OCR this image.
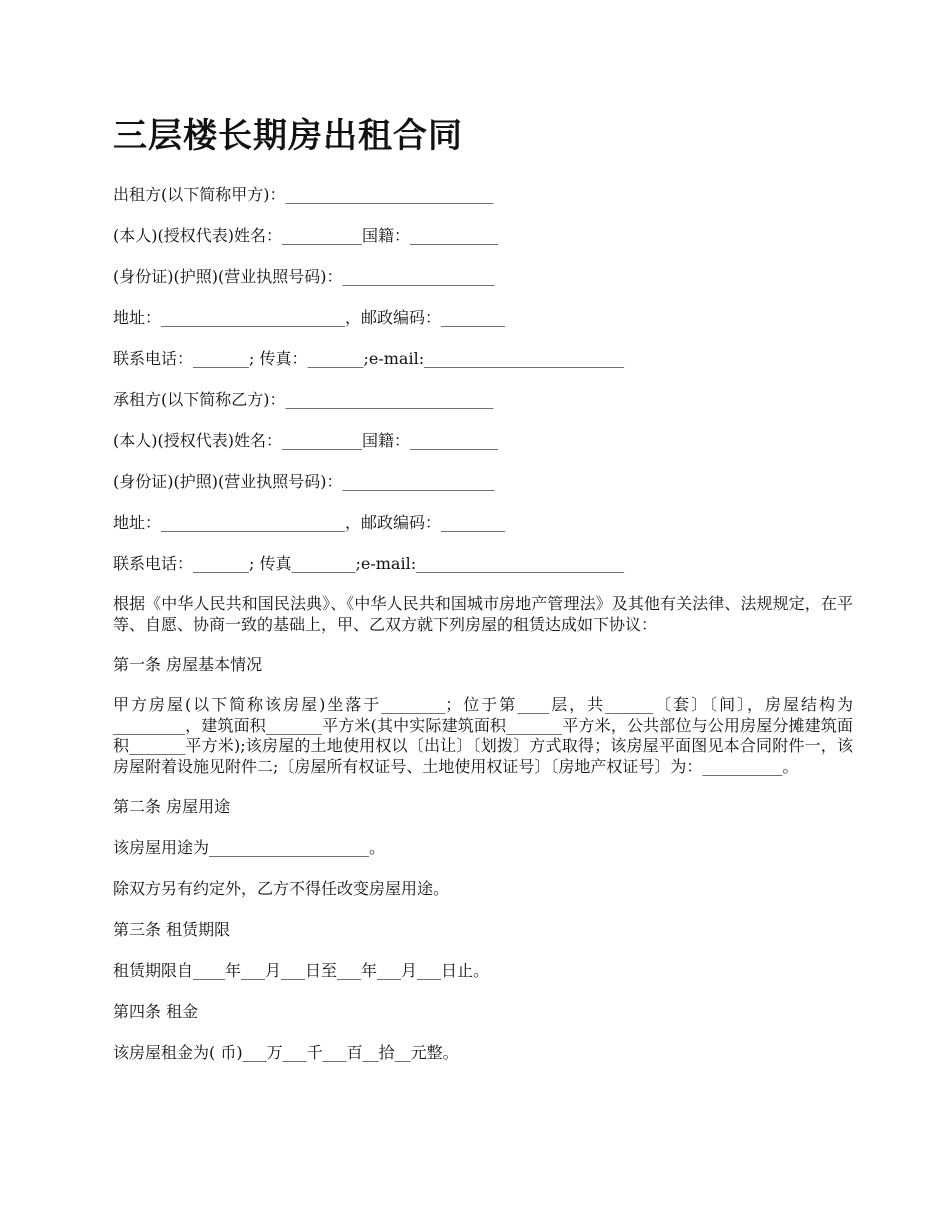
三层楼长期房出租合同

出租方(以下简称甲方)：__________________________

(本人)(授权代表)姓名：__________国籍：___________

(身份证)(护照)(营业执照号码)：___________________

地址：_______________________，邮政编码：________

联系电话：_______; 传真：_______;e-mail:_________________________

承租方(以下简称乙方)：__________________________

(本人)(授权代表)姓名：__________国籍：___________

(身份证)(护照)(营业执照号码)：___________________

地址：_______________________，邮政编码：________

联系电话：_______; 传真________;e-mail:__________________________

根据《中华人民共和国民法典》、《中华人民共和国城市房地产管理法》及其他有关法律、法规规定，在平等、自愿、协商一致的基础上，甲、乙双方就下列房屋的租赁达成如下协议：

第一条 房屋基本情况

甲方房屋(以下简称该房屋)坐落于________；位于第____层，共______〔套〕〔间〕，房屋结构为_________，建筑面积_______平方米(其中实际建筑面积_______平方米，公共部位与公用房屋分摊建筑面积_______平方米);该房屋的土地使用权以〔出让〕〔划拨〕方式取得；该房屋平面图见本合同附件一，该房屋附着设施见附件二;〔房屋所有权证号、土地使用权证号〕〔房地产权证号〕为：__________。

第二条 房屋用途

该房屋用途为____________________。

除双方另有约定外，乙方不得任改变房屋用途。

第三条 租赁期限

租赁期限自____年___月___日至___年___月___日止。

第四条 租金

该房屋租金为( 币)___万___千___百__拾__元整。
